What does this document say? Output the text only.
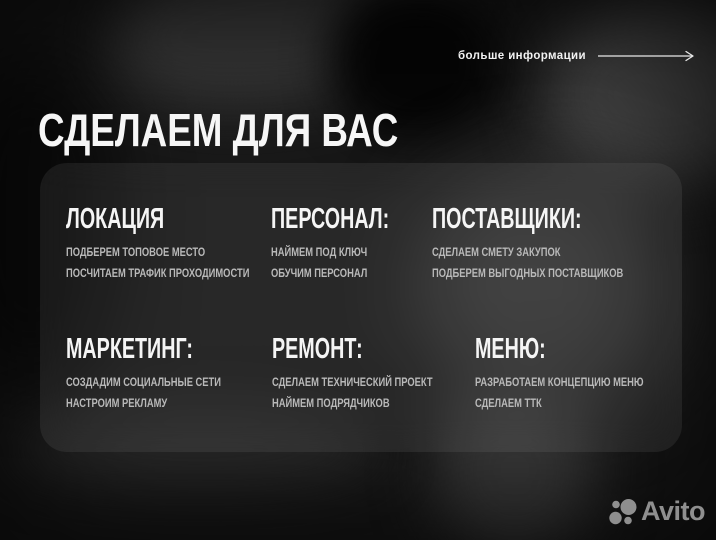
больше информации
СДЕЛАЕМ ДЛЯ ВАС
ЛОКАЦИЯ
ПОДБЕРЕМ ТОПОВОЕ МЕСТО
ПОСЧИТАЕМ ТРАФИК ПРОХОДИМОСТИ
ПЕРСОНАЛ:
НАЙМЕМ ПОД КЛЮЧ
ОБУЧИМ ПЕРСОНАЛ
ПОСТАВЩИКИ:
СДЕЛАЕМ СМЕТУ ЗАКУПОК
ПОДБЕРЕМ ВЫГОДНЫХ ПОСТАВЩИКОВ
МАРКЕТИНГ:
СОЗДАДИМ СОЦИАЛЬНЫЕ СЕТИ
НАСТРОИМ РЕКЛАМУ
РЕМОНТ:
СДЕЛАЕМ ТЕХНИЧЕСКИЙ ПРОЕКТ
НАЙМЕМ ПОДРЯДЧИКОВ
МЕНЮ:
РАЗРАБОТАЕМ КОНЦЕПЦИЮ МЕНЮ
СДЕЛАЕМ ТТК
Avito
